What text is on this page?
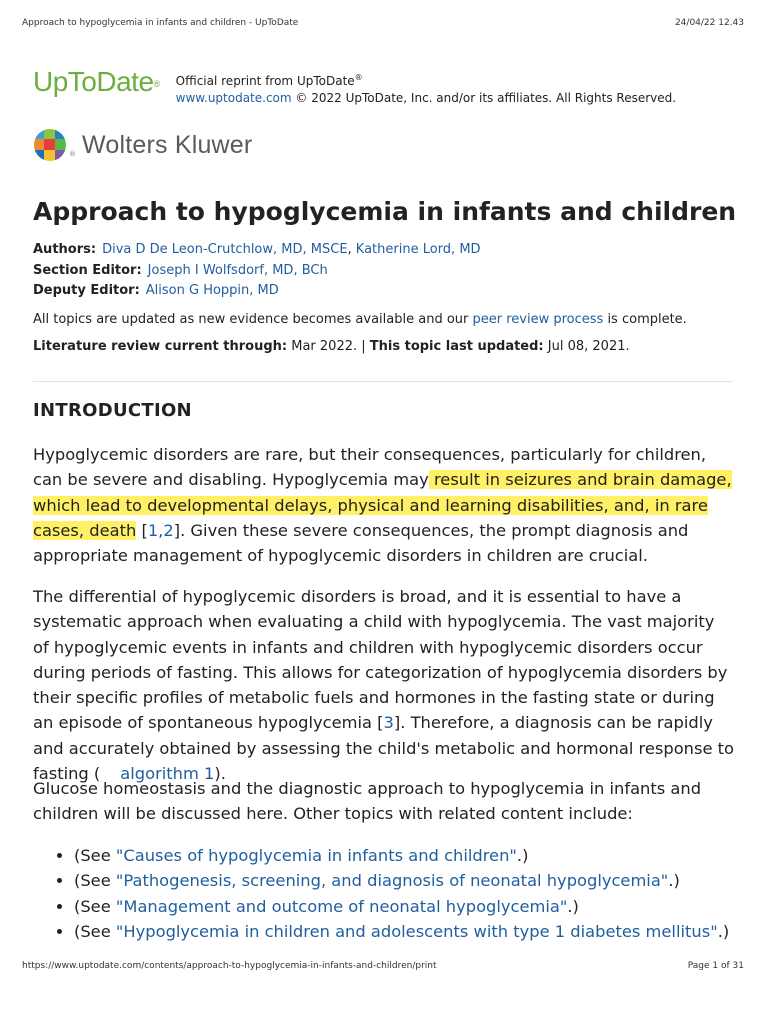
Approach to hypoglycemia in infants and children - UpToDate	24/04/22 12.43
UpToDate® Official reprint from UpToDate®
www.uptodate.com © 2022 UpToDate, Inc. and/or its affiliates. All Rights Reserved.
® Wolters Kluwer
Approach to hypoglycemia in infants and children
Authors: Diva D De Leon-Crutchlow, MD, MSCE, Katherine Lord, MD
Section Editor: Joseph I Wolfsdorf, MD, BCh
Deputy Editor: Alison G Hoppin, MD
All topics are updated as new evidence becomes available and our peer review process is complete.
Literature review current through: Mar 2022. | This topic last updated: Jul 08, 2021.
INTRODUCTION

Hypoglycemic disorders are rare, but their consequences, particularly for children, can be severe and disabling. Hypoglycemia may result in seizures and brain damage, which lead to developmental delays, physical and learning disabilities, and, in rare cases, death [1,2]. Given these severe consequences, the prompt diagnosis and appropriate management of hypoglycemic disorders in children are crucial.

The differential of hypoglycemic disorders is broad, and it is essential to have a systematic approach when evaluating a child with hypoglycemia. The vast majority of hypoglycemic events in infants and children with hypoglycemic disorders occur during periods of fasting. This allows for categorization of hypoglycemia disorders by their specific profiles of metabolic fuels and hormones in the fasting state or during an episode of spontaneous hypoglycemia [3]. Therefore, a diagnosis can be rapidly and accurately obtained by assessing the child's metabolic and hormonal response to fasting ( algorithm 1).

Glucose homeostasis and the diagnostic approach to hypoglycemia in infants and children will be discussed here. Other topics with related content include:

• (See "Causes of hypoglycemia in infants and children".)
• (See "Pathogenesis, screening, and diagnosis of neonatal hypoglycemia".)
• (See "Management and outcome of neonatal hypoglycemia".)
• (See "Hypoglycemia in children and adolescents with type 1 diabetes mellitus".)
https://www.uptodate.com/contents/approach-to-hypoglycemia-in-infants-and-children/print	Page 1 of 31
